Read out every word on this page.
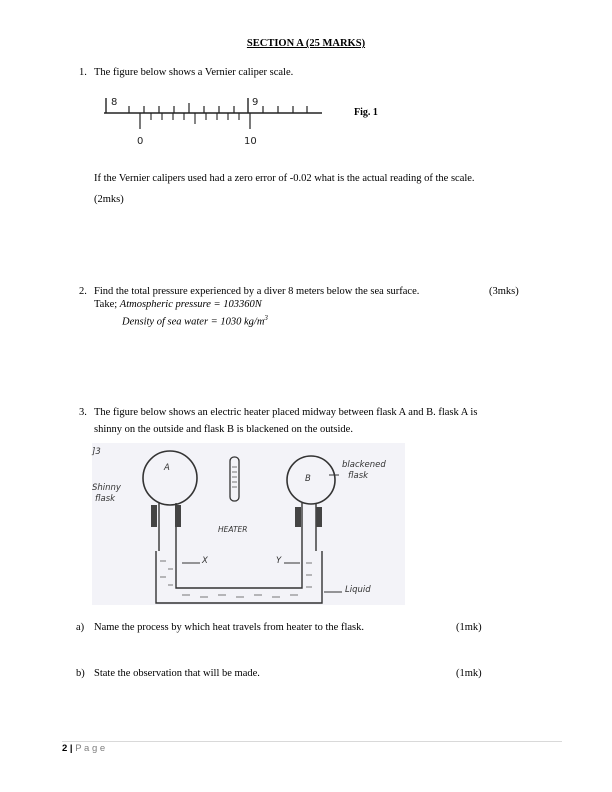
SECTION A (25 MARKS)
1. The figure below shows a Vernier caliper scale.
8	9
0	10
Fig. 1
If the Vernier calipers used had a zero error of -0.02 what is the actual reading of the scale.
(2mks)
2. Find the total pressure experienced by a diver 8 meters below the sea surface.	(3mks)
Take; Atmospheric pressure = 103360N
Density of sea water = 1030 $kg/m^3$
3. The figure below shows an electric heater placed midway between flask A and B. flask A is
shinny on the outside and flask B is blackened on the outside.
]3
A
B
Shinny
flask
blackened
flask
HEATER
X	Y
Liquid
a) Name the process by which heat travels from heater to the flask.	(1mk)
b) State the observation that will be made.	(1mk)
2 | P a g e
